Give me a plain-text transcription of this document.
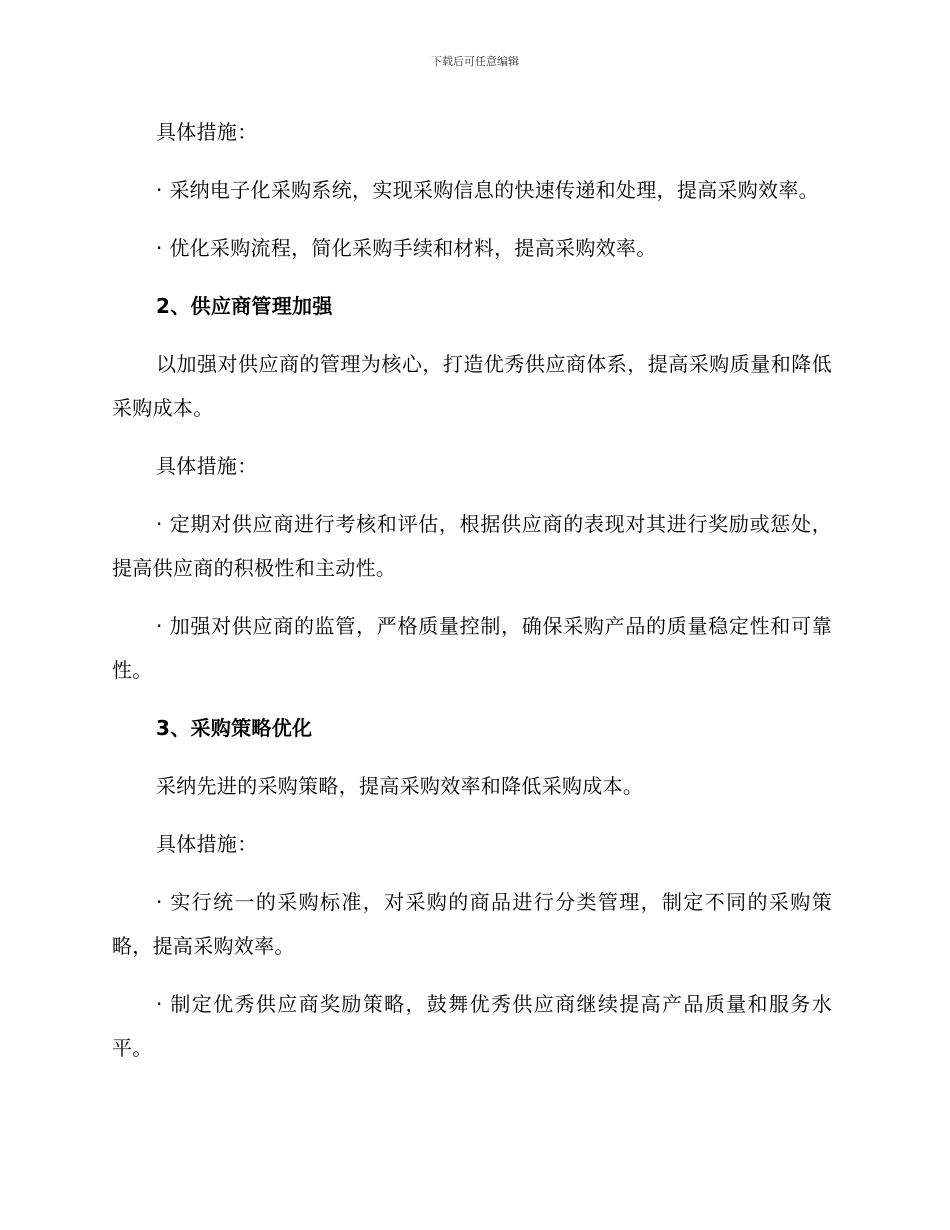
下载后可任意编辑

具体措施：

· 采纳电子化采购系统，实现采购信息的快速传递和处理，提高采购效率。

· 优化采购流程，简化采购手续和材料，提高采购效率。

2、供应商管理加强

以加强对供应商的管理为核心，打造优秀供应商体系，提高采购质量和降低采购成本。

具体措施：

· 定期对供应商进行考核和评估，根据供应商的表现对其进行奖励或惩处，提高供应商的积极性和主动性。

· 加强对供应商的监管，严格质量控制，确保采购产品的质量稳定性和可靠性。

3、采购策略优化

采纳先进的采购策略，提高采购效率和降低采购成本。

具体措施：

· 实行统一的采购标准，对采购的商品进行分类管理，制定不同的采购策略，提高采购效率。

· 制定优秀供应商奖励策略，鼓舞优秀供应商继续提高产品质量和服务水平。
